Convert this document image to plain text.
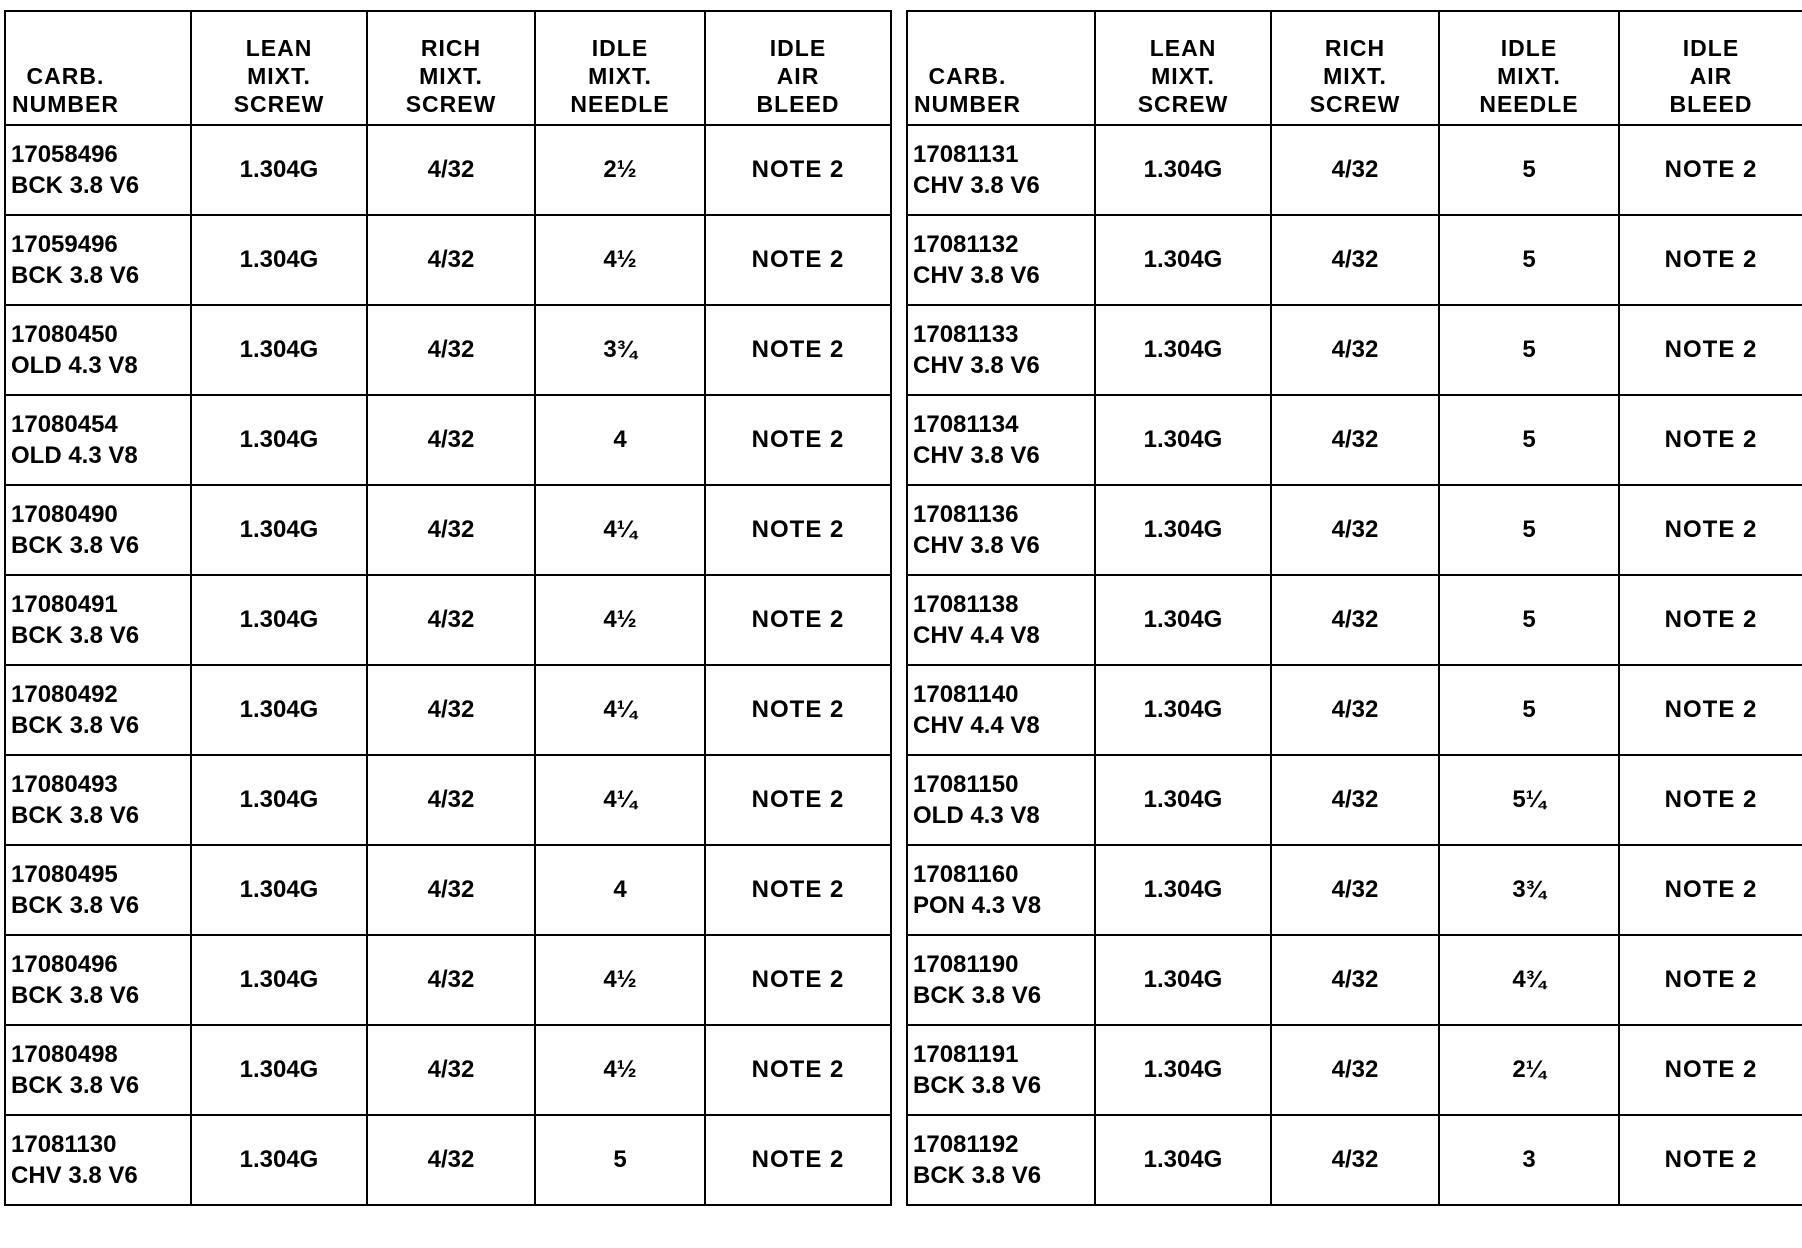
CARB.
NUMBER	LEAN
MIXT.
SCREW	RICH
MIXT.
SCREW	IDLE
MIXT.
NEEDLE	IDLE
AIR
BLEED

17058496
BCK 3.8 V6	1.304G	4/32	2½	NOTE 2

17059496
BCK 3.8 V6	1.304G	4/32	4½	NOTE 2

17080450
OLD 4.3 V8	1.304G	4/32	3¾	NOTE 2

17080454
OLD 4.3 V8	1.304G	4/32	4	NOTE 2

17080490
BCK 3.8 V6	1.304G	4/32	4¼	NOTE 2

17080491
BCK 3.8 V6	1.304G	4/32	4½	NOTE 2

17080492
BCK 3.8 V6	1.304G	4/32	4¼	NOTE 2

17080493
BCK 3.8 V6	1.304G	4/32	4¼	NOTE 2

17080495
BCK 3.8 V6	1.304G	4/32	4	NOTE 2

17080496
BCK 3.8 V6	1.304G	4/32	4½	NOTE 2

17080498
BCK 3.8 V6	1.304G	4/32	4½	NOTE 2

17081130
CHV 3.8 V6	1.304G	4/32	5	NOTE 2
CARB.
NUMBER	LEAN
MIXT.
SCREW	RICH
MIXT.
SCREW	IDLE
MIXT.
NEEDLE	IDLE
AIR
BLEED

17081131
CHV 3.8 V6	1.304G	4/32	5	NOTE 2

17081132
CHV 3.8 V6	1.304G	4/32	5	NOTE 2

17081133
CHV 3.8 V6	1.304G	4/32	5	NOTE 2

17081134
CHV 3.8 V6	1.304G	4/32	5	NOTE 2

17081136
CHV 3.8 V6	1.304G	4/32	5	NOTE 2

17081138
CHV 4.4 V8	1.304G	4/32	5	NOTE 2

17081140
CHV 4.4 V8	1.304G	4/32	5	NOTE 2

17081150
OLD 4.3 V8	1.304G	4/32	5¼	NOTE 2

17081160
PON 4.3 V8	1.304G	4/32	3¾	NOTE 2

17081190
BCK 3.8 V6	1.304G	4/32	4¾	NOTE 2

17081191
BCK 3.8 V6	1.304G	4/32	2¼	NOTE 2

17081192
BCK 3.8 V6	1.304G	4/32	3	NOTE 2
